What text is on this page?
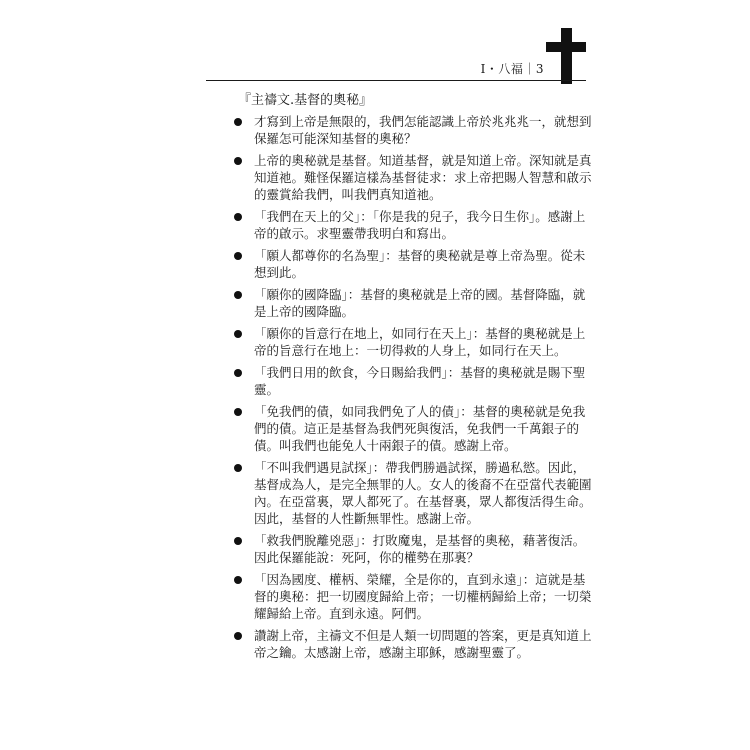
I・八福｜3
『主禱文.基督的奧秘』
才寫到上帝是無限的，我們怎能認識上帝於兆兆兆一，就想到保羅怎可能深知基督的奧秘？
上帝的奧秘就是基督。知道基督，就是知道上帝。深知就是真知道祂。難怪保羅這樣為基督徒求：求上帝把賜人智慧和啟示的靈賞給我們，叫我們真知道祂。
「我們在天上的父」：「你是我的兒子，我今日生你」。感謝上帝的啟示。求聖靈帶我明白和寫出。
「願人都尊你的名為聖」：基督的奧秘就是尊上帝為聖。從未想到此。
「願你的國降臨」：基督的奧秘就是上帝的國。基督降臨，就是上帝的國降臨。
「願你的旨意行在地上，如同行在天上」：基督的奧秘就是上帝的旨意行在地上：一切得救的人身上，如同行在天上。
「我們日用的飲食，今日賜給我們」：基督的奧秘就是賜下聖靈。
「免我們的債，如同我們免了人的債」：基督的奧秘就是免我們的債。這正是基督為我們死與復活，免我們一千萬銀子的債。叫我們也能免人十兩銀子的債。感謝上帝。
「不叫我們遇見試探」：帶我們勝過試探，勝過私慾。因此，基督成為人，是完全無罪的人。女人的後裔不在亞當代表範圍內。在亞當裏，眾人都死了。在基督裏，眾人都復活得生命。因此，基督的人性斷無罪性。感謝上帝。
「救我們脫離兇惡」：打敗魔鬼，是基督的奧秘，藉著復活。因此保羅能說：死阿，你的權勢在那裏？
「因為國度、權柄、榮耀，全是你的，直到永遠」：這就是基督的奧秘：把一切國度歸給上帝；一切權柄歸給上帝；一切榮耀歸給上帝。直到永遠。阿們。
讚謝上帝，主禱文不但是人類一切問題的答案，更是真知道上帝之鑰。太感謝上帝，感謝主耶穌，感謝聖靈了。
